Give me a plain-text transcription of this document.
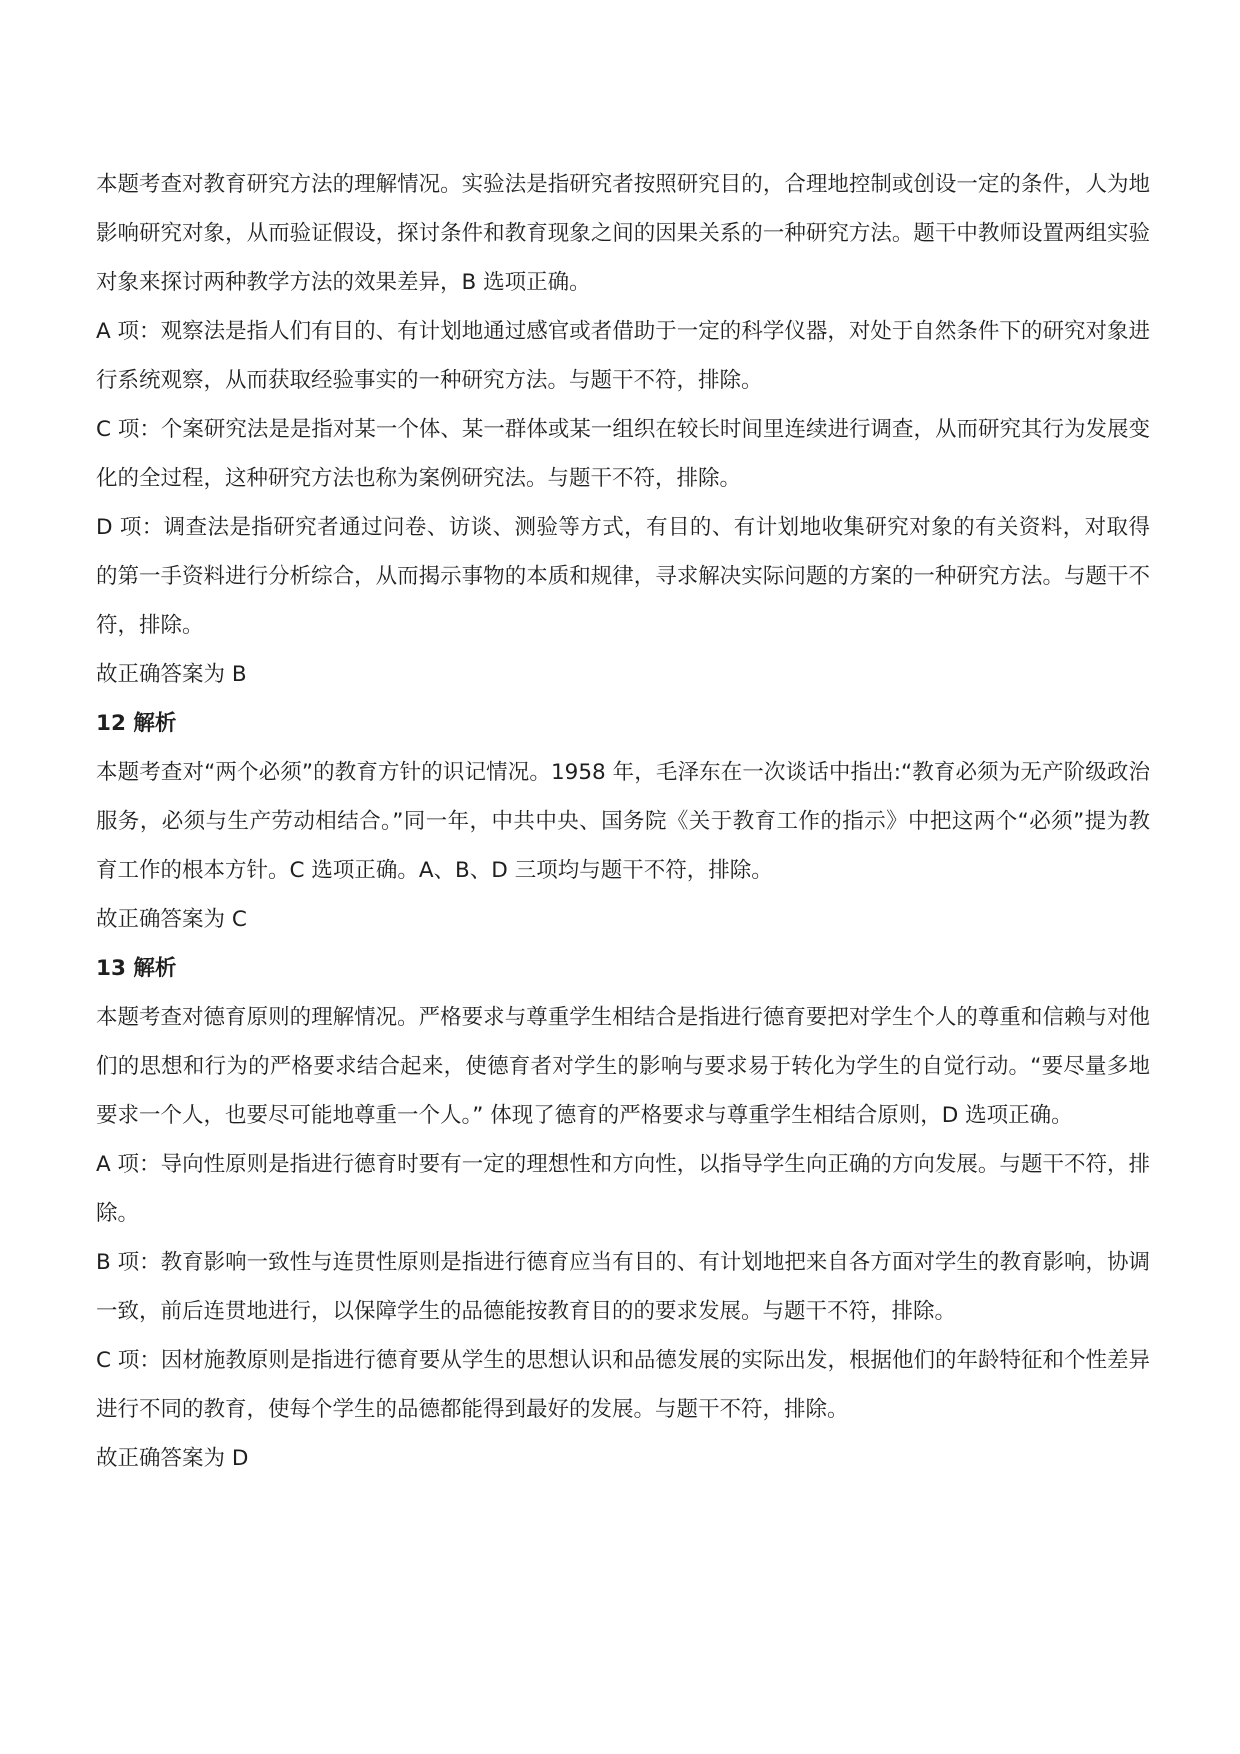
本题考查对教育研究方法的理解情况。实验法是指研究者按照研究目的，合理地控制或创设一定的条件，人为地影响研究对象，从而验证假设，探讨条件和教育现象之间的因果关系的一种研究方法。题干中教师设置两组实验对象来探讨两种教学方法的效果差异，B 选项正确。

A 项：观察法是指人们有目的、有计划地通过感官或者借助于一定的科学仪器，对处于自然条件下的研究对象进行系统观察，从而获取经验事实的一种研究方法。与题干不符，排除。

C 项：个案研究法是是指对某一个体、某一群体或某一组织在较长时间里连续进行调查，从而研究其行为发展变化的全过程，这种研究方法也称为案例研究法。与题干不符，排除。

D 项：调查法是指研究者通过问卷、访谈、测验等方式，有目的、有计划地收集研究对象的有关资料，对取得的第一手资料进行分析综合，从而揭示事物的本质和规律，寻求解决实际问题的方案的一种研究方法。与题干不符，排除。

故正确答案为 B

12 解析

本题考查对“两个必须”的教育方针的识记情况。1958 年，毛泽东在一次谈话中指出:“教育必须为无产阶级政治服务，必须与生产劳动相结合。”同一年，中共中央、国务院《关于教育工作的指示》中把这两个“必须”提为教育工作的根本方针。C 选项正确。A、B、D 三项均与题干不符，排除。

故正确答案为 C

13 解析

本题考查对德育原则的理解情况。严格要求与尊重学生相结合是指进行德育要把对学生个人的尊重和信赖与对他们的思想和行为的严格要求结合起来，使德育者对学生的影响与要求易于转化为学生的自觉行动。“要尽量多地要求一个人，也要尽可能地尊重一个人。” 体现了德育的严格要求与尊重学生相结合原则，D 选项正确。

A 项：导向性原则是指进行德育时要有一定的理想性和方向性，以指导学生向正确的方向发展。与题干不符，排除。

B 项：教育影响一致性与连贯性原则是指进行德育应当有目的、有计划地把来自各方面对学生的教育影响，协调一致，前后连贯地进行，以保障学生的品德能按教育目的的要求发展。与题干不符，排除。

C 项：因材施教原则是指进行德育要从学生的思想认识和品德发展的实际出发，根据他们的年龄特征和个性差异进行不同的教育，使每个学生的品德都能得到最好的发展。与题干不符，排除。

故正确答案为 D
